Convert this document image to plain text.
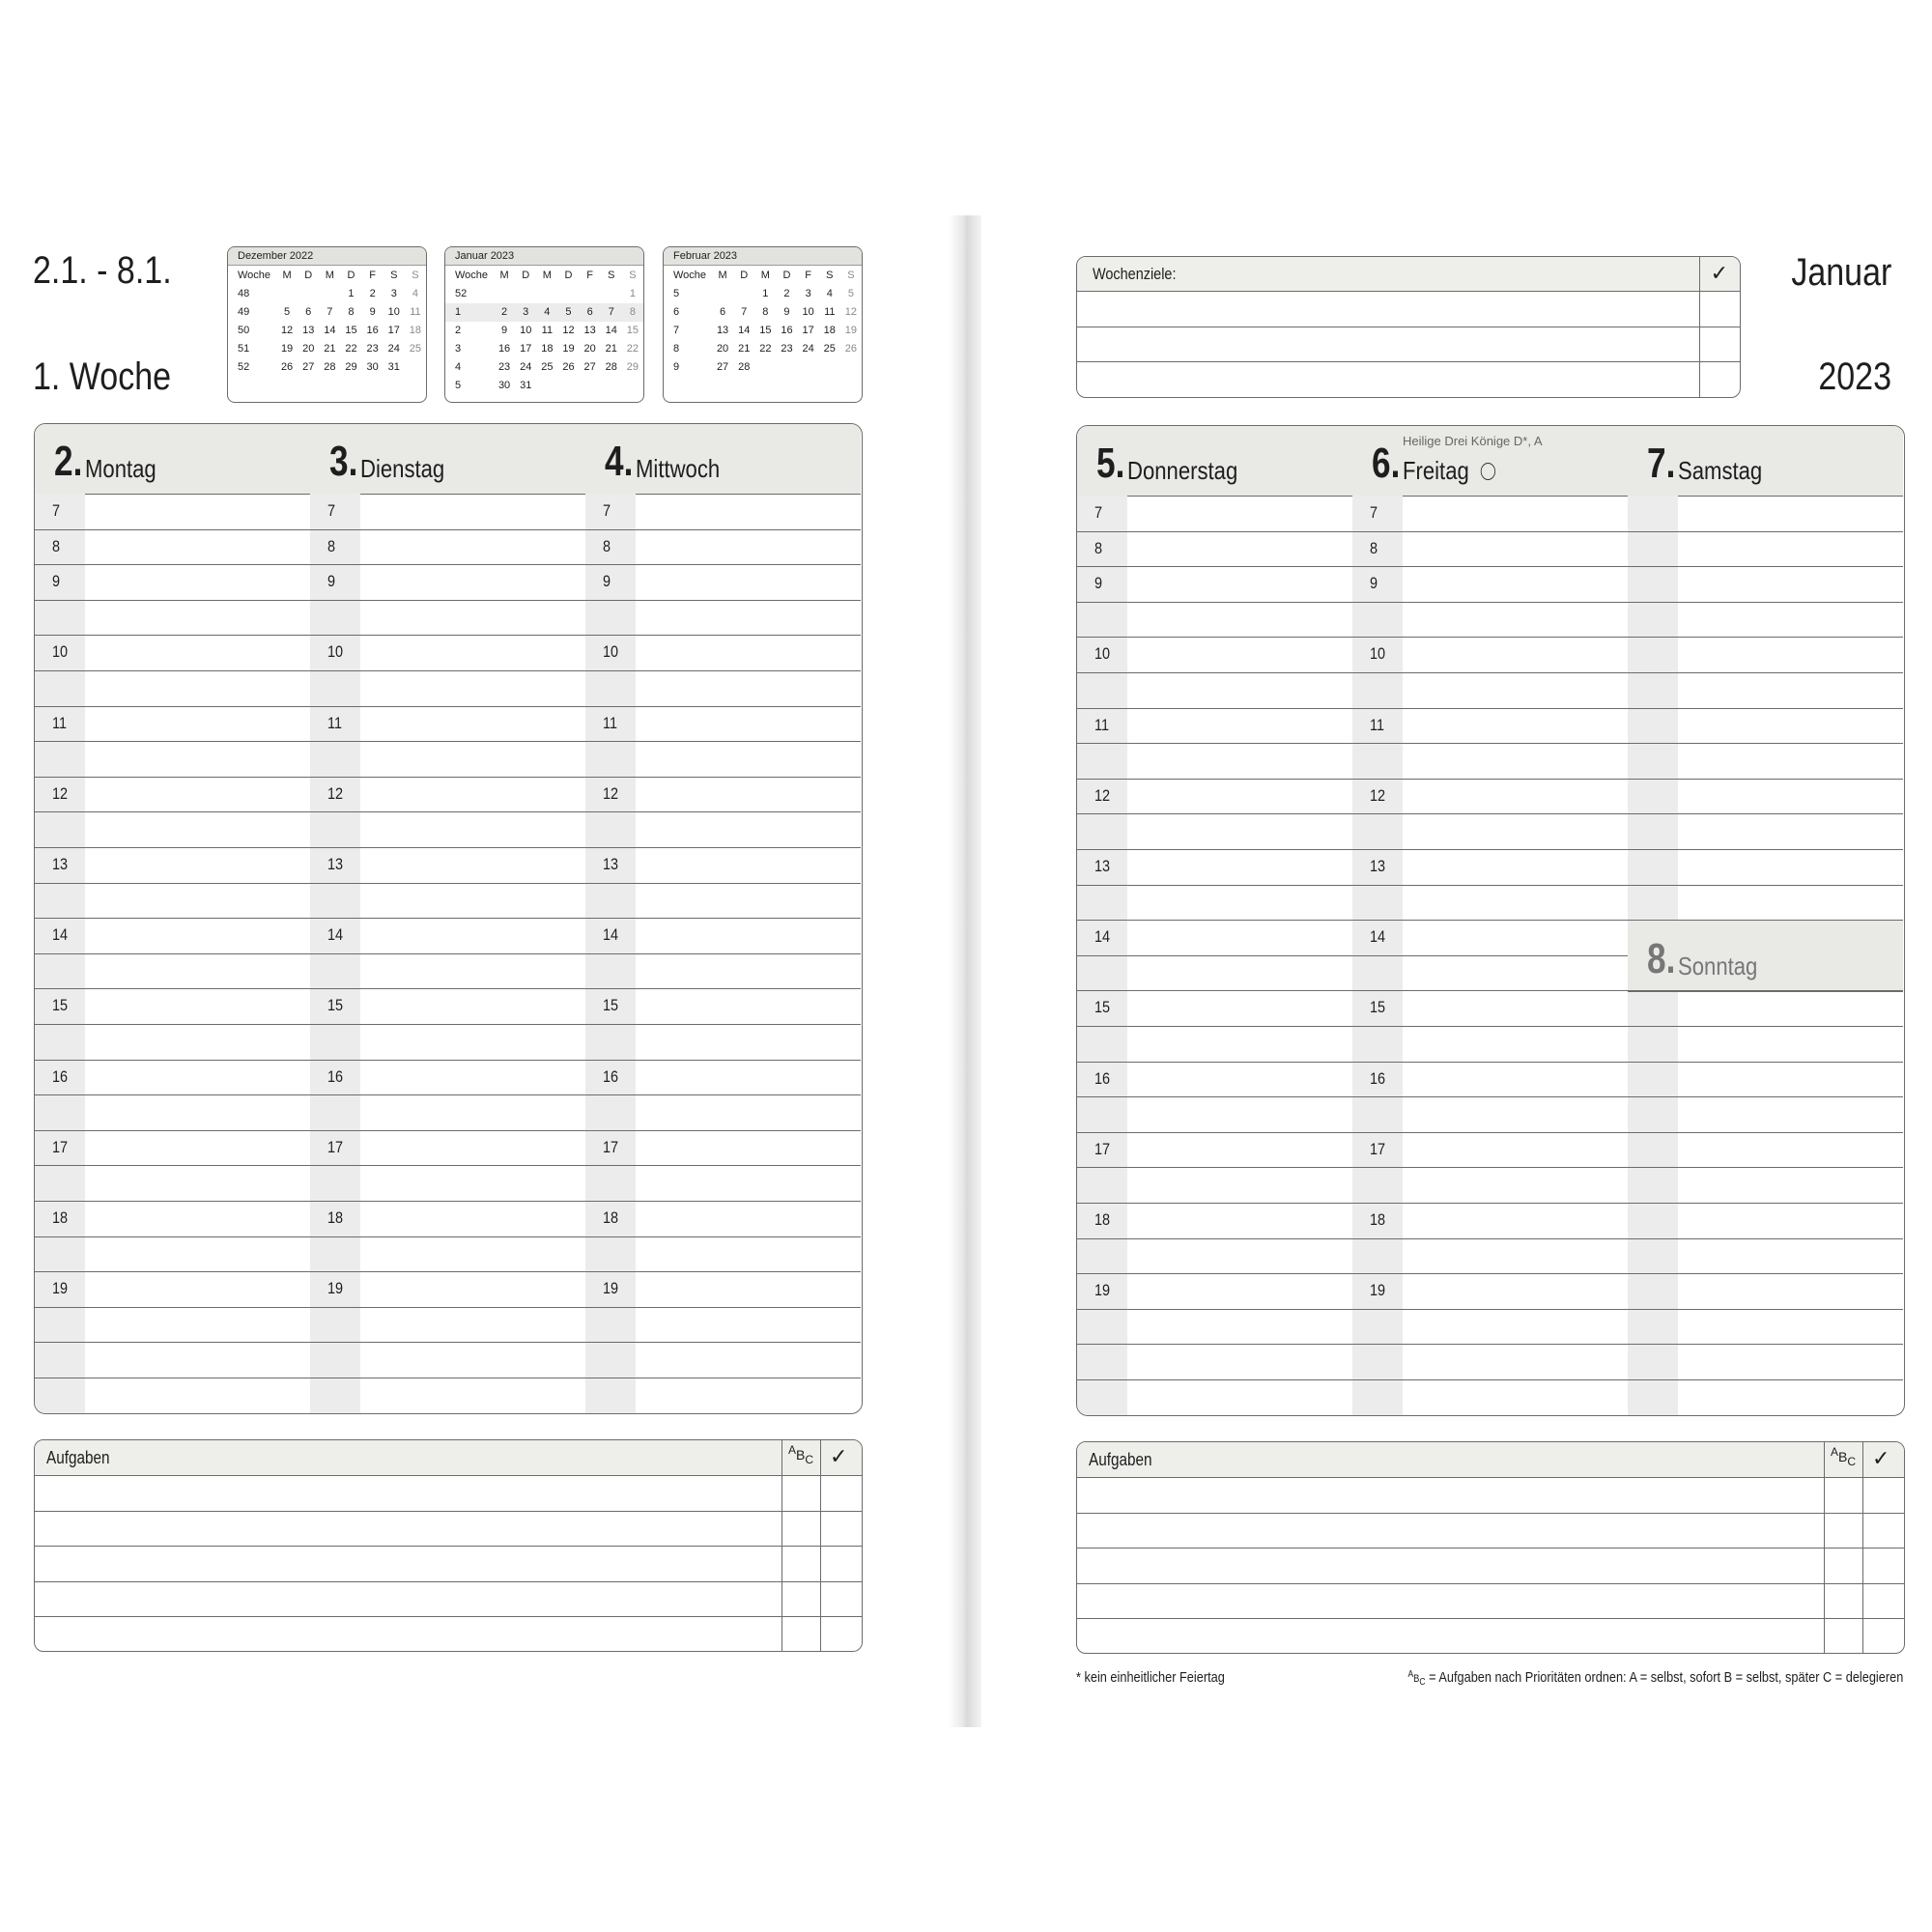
2.1. - 8.1.
1. Woche
Januar
2023
Dezember 2022
Woche	M	D	M	D	F	S	S
48				1	2	3	4
49	5	6	7	8	9	10	11
50	12	13	14	15	16	17	18
51	19	20	21	22	23	24	25
52	26	27	28	29	30	31	
Januar 2023
Woche	M	D	M	D	F	S	S
52							1
1	2	3	4	5	6	7	8
2	9	10	11	12	13	14	15
3	16	17	18	19	20	21	22
4	23	24	25	26	27	28	29
5	30	31					
Februar 2023
Woche	M	D	M	D	F	S	S
5			1	2	3	4	5
6	6	7	8	9	10	11	12
7	13	14	15	16	17	18	19
8	20	21	22	23	24	25	26
9	27	28					
Wochenziele:	✓
2. Montag
7
8
9
10
11
12
13
14
15
16
17
18
19
3. Dienstag
7
8
9
10
11
12
13
14
15
16
17
18
19
4. Mittwoch
7
8
9
10
11
12
13
14
15
16
17
18
19
5. Donnerstag
7
8
9
10
11
12
13
14
15
16
17
18
19
Heilige Drei Könige D*, A
6. Freitag
7
8
9
10
11
12
13
14
15
16
17
18
19
7. Samstag
8. Sonntag
Aufgaben	$^AB_C$ ✓	Aufgaben	$^AB_C$ ✓
* kein einheitlicher Feiertag	$^AB_C$ = Aufgaben nach Prioritäten ordnen: A = selbst, sofort B = selbst, später C = delegieren
